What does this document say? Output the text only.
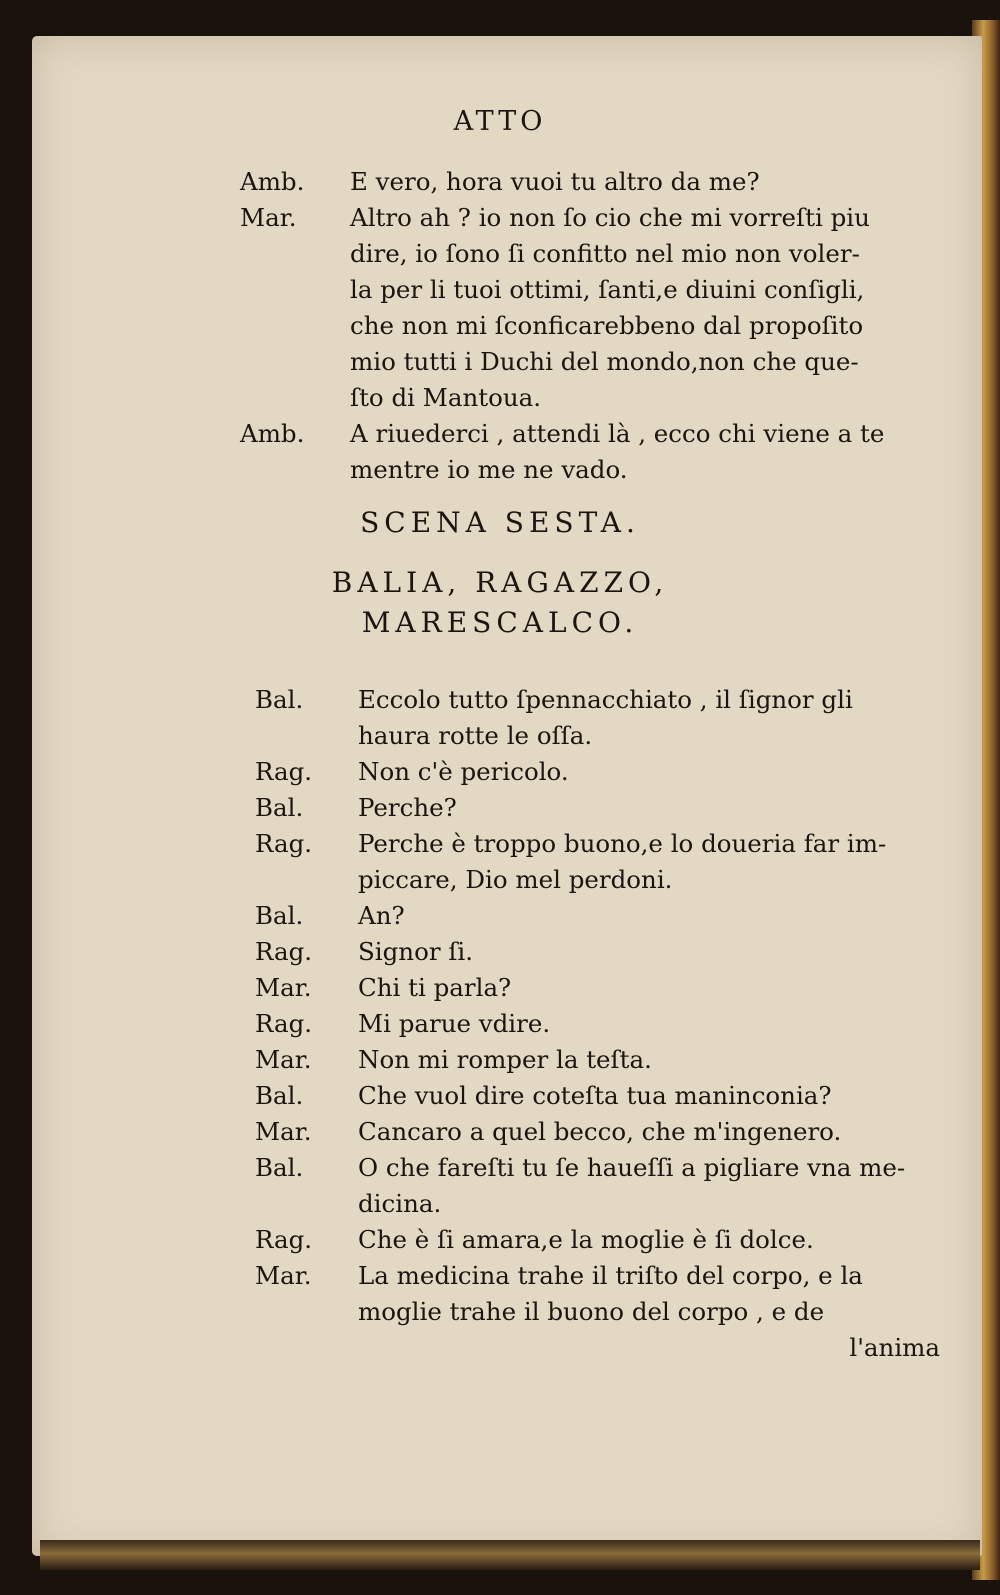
ATTO
SCENA SESTA.
BALIA, RAGAZZO,
MARESCALCO.
Amb.	E vero, hora vuoi tu altro da me?
Mar.	Altro ah ? io non ſo cio che mi vorreſti piu
dire, io ſono ſi confitto nel mio non voler-
la per li tuoi ottimi, ſanti,e diuini conſigli,
che non mi ſconficarebbeno dal propoſito
mio tutti i Duchi del mondo,non che que-
ſto di Mantoua.
Amb.	A riuederci , attendi là , ecco chi viene a te
mentre io me ne vado.
Bal.	Eccolo tutto ſpennacchiato , il ſignor gli
haura rotte le oſſa.
Rag.	Non c'è pericolo.
Bal.	Perche?
Rag.	Perche è troppo buono,e lo doueria far im-
piccare, Dio mel perdoni.
Bal.	An?
Rag.	Signor ſi.
Mar.	Chi ti parla?
Rag.	Mi parue vdire.
Mar.	Non mi romper la teſta.
Bal.	Che vuol dire coteſta tua maninconia?
Mar.	Cancaro a quel becco, che m'ingenero.
Bal.	O che fareſti tu ſe haueſſi a pigliare vna me-
dicina.
Rag.	Che è ſi amara,e la moglie è ſi dolce.
Mar.	La medicina trahe il triſto del corpo, e la
moglie trahe il buono del corpo , e de
l'anima
